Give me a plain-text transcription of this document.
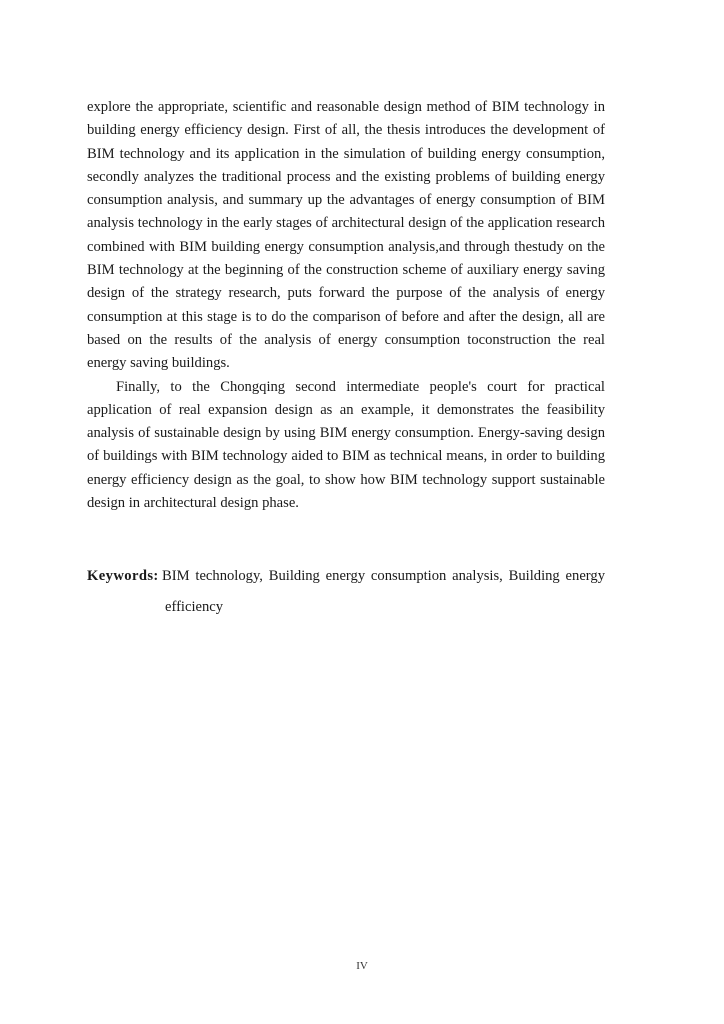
explore the appropriate, scientific and reasonable design method of BIM technology in
building energy efficiency design. First of all, the thesis introduces the development of
BIM technology and its application in the simulation of building energy consumption,
secondly analyzes the traditional process and the existing problems of building energy
consumption analysis, and summary up the advantages of energy consumption of BIM
analysis technology in the early stages of architectural design of the application research
combined with BIM building energy consumption analysis,and through thestudy on the
BIM technology at the beginning of the construction scheme of auxiliary energy saving
design of the strategy research, puts forward the purpose of the analysis of energy
consumption at this stage is to do the comparison of before and after the design, all are
based on the results of the analysis of energy consumption toconstruction the real
energy saving buildings.
Finally, to the Chongqing second intermediate people's court for practical
application of real expansion design as an example, it demonstrates the feasibility
analysis of sustainable design by using BIM energy consumption. Energy-saving design
of buildings with BIM technology aided to BIM as technical means, in order to building
energy efficiency design as the goal, to show how BIM technology support sustainable
design in architectural design phase.
Keywords: BIM technology, Building energy consumption analysis, Building energy
efficiency
IV
